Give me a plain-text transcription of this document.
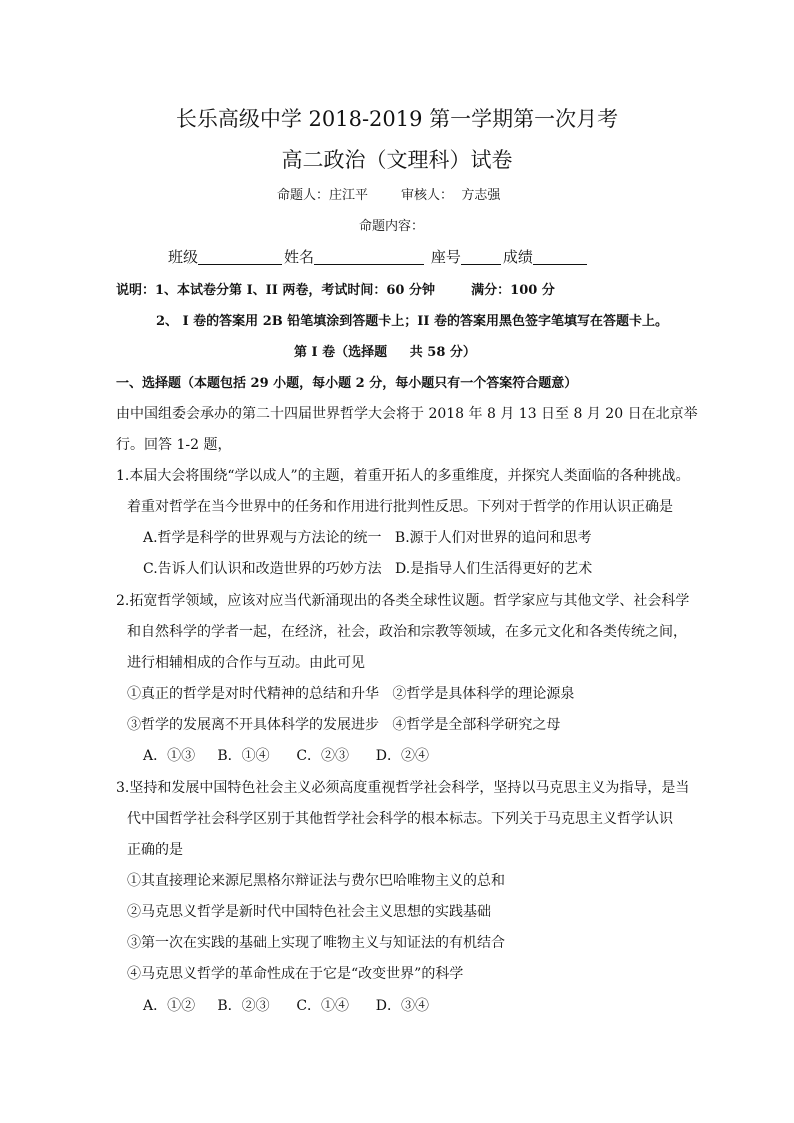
长乐高级中学 2018-2019 第一学期第一次月考
高二政治（文理科）试卷
命题人：庄江平        审核人：  方志强
命题内容：
班级	姓名	座号	成绩
说明：1、本试卷分第 I、II 两卷，考试时间：60 分钟        满分：100 分
2、 I 卷的答案用 2B 铅笔填涂到答题卡上；II 卷的答案用黑色签字笔填写在答题卡上。
第 I 卷（选择题     共 58 分）
一、选择题（本题包括 29 小题，每小题 2 分，每小题只有一个答案符合题意）
由中国组委会承办的第二十四届世界哲学大会将于 2018 年 8 月 13 日至 8 月 20 日在北京举
行。回答 1-2 题，
1.本届大会将围绕“学以成人”的主题，着重开拓人的多重维度，并探究人类面临的各种挑战。
着重对哲学在当今世界中的任务和作用进行批判性反思。下列对于哲学的作用认识正确是
A.哲学是科学的世界观与方法论的统一   B.源于人们对世界的追问和思考
C.告诉人们认识和改造世界的巧妙方法   D.是指导人们生活得更好的艺术
2.拓宽哲学领域，应该对应当代新涌现出的各类全球性议题。哲学家应与其他文学、社会科学
和自然科学的学者一起，在经济，社会，政治和宗教等领域，在多元文化和各类传统之间，
进行相辅相成的合作与互动。由此可见
①真正的哲学是对时代精神的总结和升华   ②哲学是具体科学的理论源泉
③哲学的发展离不开具体科学的发展进步   ④哲学是全部科学研究之母
A．①③     B．①④      C．②③      D．②④
3.坚持和发展中国特色社会主义必须高度重视哲学社会科学，坚持以马克思主义为指导，是当
代中国哲学社会科学区别于其他哲学社会科学的根本标志。下列关于马克思主义哲学认识
正确的是
①其直接理论来源尼黑格尔辩证法与费尔巴哈唯物主义的总和
②马克思义哲学是新时代中国特色社会主义思想的实践基础
③第一次在实践的基础上实现了唯物主义与知证法的有机结合
④马克思义哲学的革命性成在于它是“改变世界”的科学
A．①②     B．②③      C．①④      D．③④
